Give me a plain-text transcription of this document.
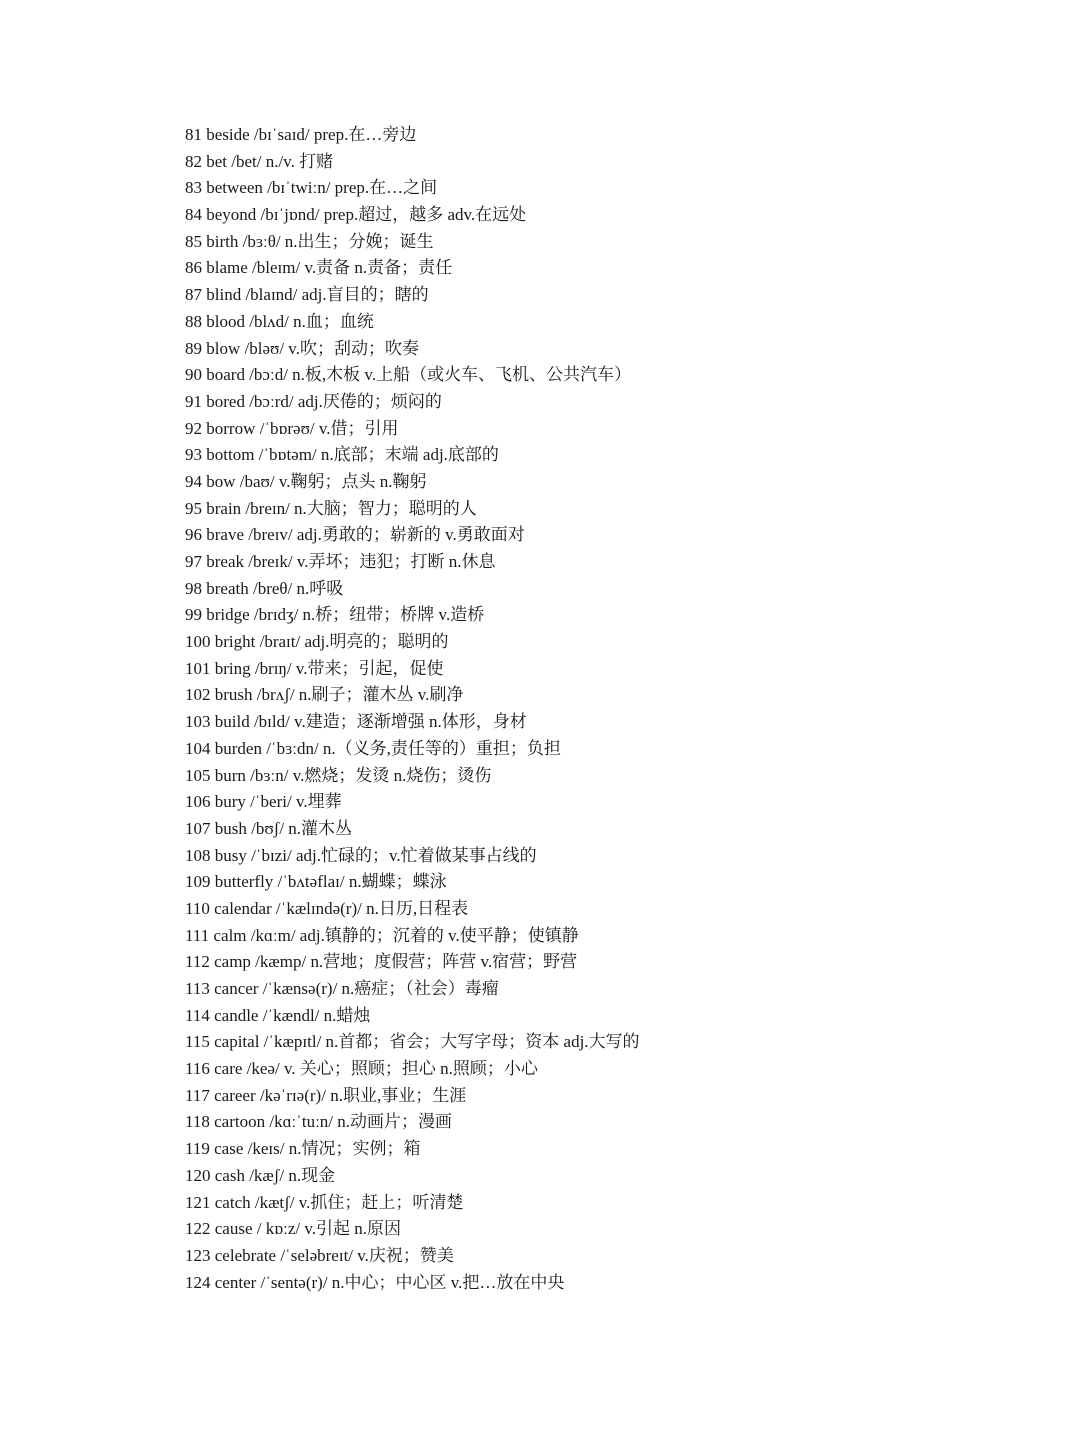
81 beside /bɪˈsaɪd/ prep.在…旁边
82 bet /bet/ n./v. 打赌
83 between /bɪˈtwiːn/ prep.在…之间
84 beyond /bɪˈjɒnd/ prep.超过，越多 adv.在远处
85 birth /bɜːθ/ n.出生；分娩；诞生
86 blame /bleɪm/ v.责备 n.责备；责任
87 blind /blaɪnd/ adj.盲目的；瞎的
88 blood /blʌd/ n.血；血统
89 blow /bləʊ/ v.吹；刮动；吹奏
90 board /bɔːd/ n.板,木板 v.上船（或火车、飞机、公共汽车）
91 bored /bɔːrd/ adj.厌倦的；烦闷的
92 borrow /ˈbɒrəʊ/ v.借；引用
93 bottom /ˈbɒtəm/ n.底部；末端 adj.底部的
94 bow /baʊ/ v.鞠躬；点头 n.鞠躬
95 brain /breɪn/ n.大脑；智力；聪明的人
96 brave /breɪv/ adj.勇敢的；崭新的 v.勇敢面对
97 break /breɪk/ v.弄坏；违犯；打断 n.休息
98 breath /breθ/ n.呼吸
99 bridge /brɪdʒ/ n.桥；纽带；桥牌 v.造桥
100 bright /braɪt/ adj.明亮的；聪明的
101 bring /brɪŋ/ v.带来；引起，促使
102 brush /brʌʃ/ n.刷子；灌木丛 v.刷净
103 build /bɪld/ v.建造；逐渐增强 n.体形，身材
104 burden /ˈbɜːdn/ n.（义务,责任等的）重担；负担
105 burn /bɜːn/ v.燃烧；发烫 n.烧伤；烫伤
106 bury /ˈberi/ v.埋葬
107 bush /bʊʃ/ n.灌木丛
108 busy /ˈbɪzi/ adj.忙碌的；v.忙着做某事占线的
109 butterfly /ˈbʌtəflaɪ/ n.蝴蝶；蝶泳
110 calendar /ˈkælɪndə(r)/ n.日历,日程表
111 calm /kɑːm/ adj.镇静的；沉着的 v.使平静；使镇静
112 camp /kæmp/ n.营地；度假营；阵营 v.宿营；野营
113 cancer /ˈkænsə(r)/ n.癌症；（社会）毒瘤
114 candle /ˈkændl/ n.蜡烛
115 capital /ˈkæpɪtl/ n.首都；省会；大写字母；资本 adj.大写的
116 care /keə/ v. 关心；照顾；担心 n.照顾；小心
117 career /kəˈrɪə(r)/ n.职业,事业；生涯
118 cartoon /kɑːˈtuːn/ n.动画片；漫画
119 case /keɪs/ n.情况；实例；箱
120 cash /kæʃ/ n.现金
121 catch /kætʃ/ v.抓住；赶上；听清楚
122 cause / kɒːz/ v.引起 n.原因
123 celebrate /ˈseləbreɪt/ v.庆祝；赞美
124 center /ˈsentə(r)/ n.中心；中心区 v.把…放在中央
